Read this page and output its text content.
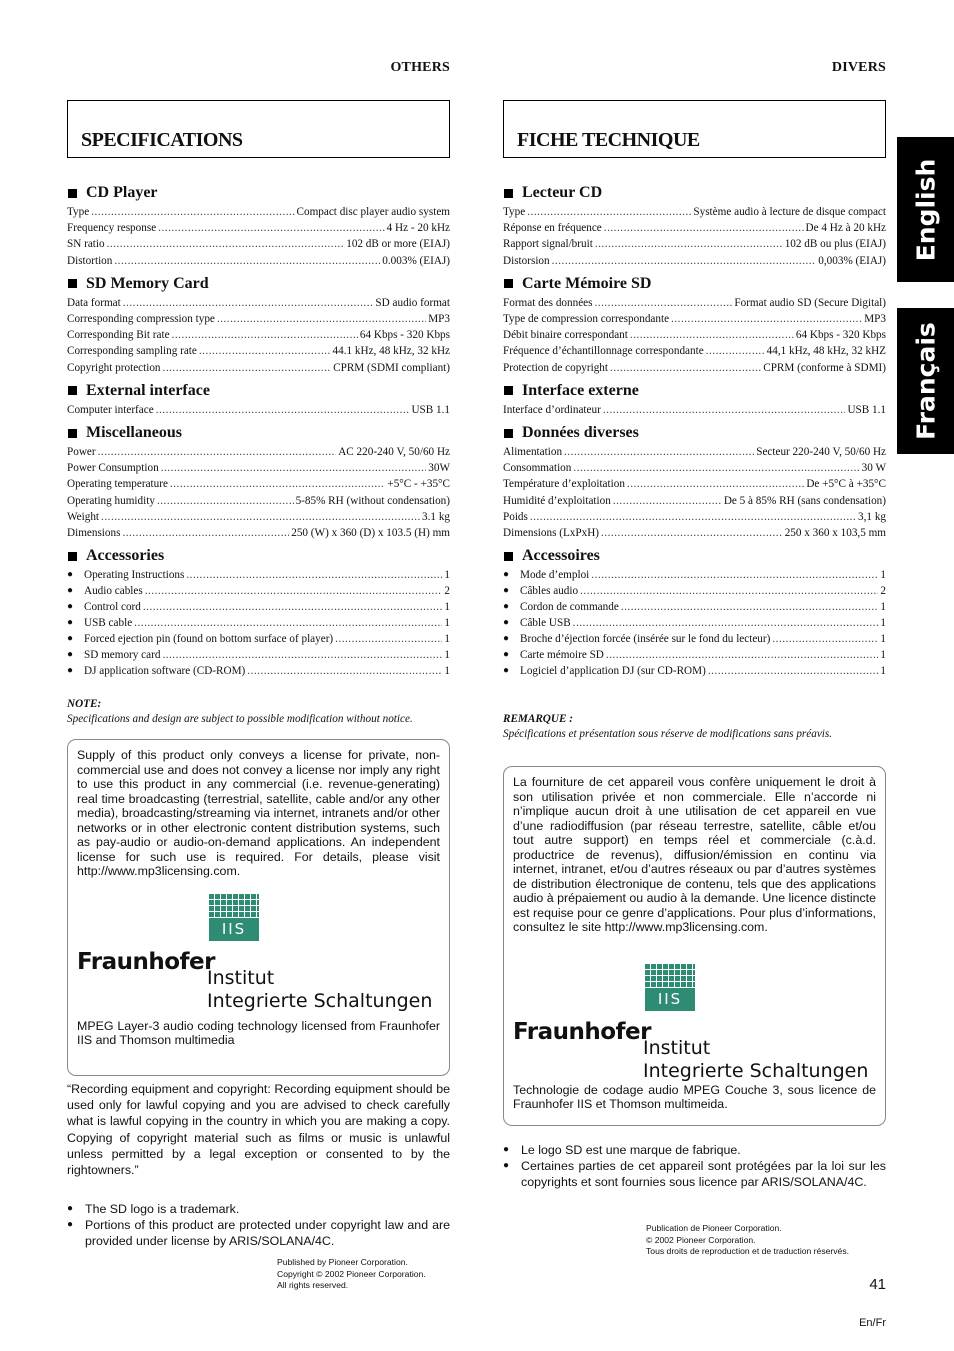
OTHERS
SPECIFICATIONS
CD Player
Type .....	Compact disc player audio system
Frequency response .....	4 Hz - 20 kHz
SN ratio .....	102 dB or more (EIAJ)
Distortion .....	0.003% (EIAJ)
SD Memory Card
Data format .....	SD audio format
Corresponding compression type .....	MP3
Corresponding Bit rate .....	64 Kbps - 320 Kbps
Corresponding sampling rate .....	44.1 kHz, 48 kHz, 32 kHz
Copyright protection .....	CPRM (SDMI compliant)
External interface
Computer interface .....	USB 1.1
Miscellaneous
Power .....	AC 220-240 V, 50/60 Hz
Power Consumption .....	30W
Operating temperature .....	+5°C - +35°C
Operating humidity .....	5-85% RH (without condensation)
Weight .....	3.1 kg
Dimensions .....	250 (W) x 360 (D) x 103.5 (H) mm
Accessories
● Operating Instructions .....	1
● Audio cables .....	2
● Control cord .....	1
● USB cable .....	1
● Forced ejection pin (found on bottom surface of player) .....	1
● SD memory card .....	1
● DJ application software (CD-ROM) .....	1
NOTE:
Specifications and design are subject to possible modification without notice.

Supply of this product only conveys a license for private, non-commercial use and does not convey a license nor imply any right to use this product in any commercial (i.e. revenue-generating) real time broadcasting (terrestrial, satellite, cable and/or any other media), broadcasting/streaming via internet, intranets and/or other networks or in other electronic content distribution systems, such as pay-audio or audio-on-demand applications. An independent license for such use is required. For details, please visit http://www.mp3licensing.com.

IIS
Fraunhofer
Institut
Integrierte Schaltungen

MPEG Layer-3 audio coding technology licensed from Fraunhofer IIS and Thomson multimedia

“Recording equipment and copyright: Recording equipment should be used only for lawful copying and you are advised to check carefully what is lawful copying in the country in which you are making a copy. Copying of copyright material such as films or music is unlawful unless permitted by a legal exception or consented to by the rightowners.”
● The SD logo is a trademark.
● Portions of this product are protected under copyright law and are provided under license by ARIS/SOLANA/4C.
Published by Pioneer Corporation.
Copyright © 2002 Pioneer Corporation.
All rights reserved.
DIVERS
FICHE TECHNIQUE
Lecteur CD
Type .....	Système audio à lecture de disque compact
Réponse en fréquence .....	De 4 Hz à 20 kHz
Rapport signal/bruit .....	102 dB ou plus (EIAJ)
Distorsion .....	0,003% (EIAJ)
Carte Mémoire SD
Format des données .....	Format audio SD (Secure Digital)
Type de compression correspondante .....	MP3
Débit binaire correspondant .....	64 Kbps - 320 Kbps
Fréquence d’échantillonnage correspondante .....	44,1 kHz, 48 kHz, 32 kHZ
Protection de copyright .....	CPRM (conforme à SDMI)
Interface externe
Interface d’ordinateur .....	USB 1.1
Données diverses
Alimentation .....	Secteur 220-240 V, 50/60 Hz
Consommation .....	30 W
Température d’exploitation .....	De +5°C à +35°C
Humidité d’exploitation .....	De 5 à 85% RH (sans condensation)
Poids .....	3,1 kg
Dimensions (LxPxH) .....	250 x 360 x 103,5 mm
Accessoires
● Mode d’emploi .....	1
● Câbles audio .....	2
● Cordon de commande .....	1
● Câble USB .....	1
● Broche d’éjection forcée (insérée sur le fond du lecteur) .....	1
● Carte mémoire SD .....	1
● Logiciel d’application DJ (sur CD-ROM) .....	1
REMARQUE :
Spécifications et présentation sous réserve de modifications sans préavis.

La fourniture de cet appareil vous confère uniquement le droit à son utilisation privée et non commerciale. Elle n’accorde ni n’implique aucun droit à une utilisation de cet appareil en vue d’une radiodiffusion (par réseau terrestre, satellite, câble et/ou tout autre support) en temps réel et commerciale (c.à.d. productrice de revenus), diffusion/émission en continu via internet, intranet, et/ou d’autres réseaux ou par d’autres systèmes de distribution électronique de contenu, tels que des applications audio à prépaiement ou audio à la demande. Une licence distincte est requise pour ce genre d’applications. Pour plus d’informations, consultez le site http://www.mp3licensing.com.

IIS
Fraunhofer
Institut
Integrierte Schaltungen

Technologie de codage audio MPEG Couche 3, sous licence de Fraunhofer IIS et Thomson multimeida.

● Le logo SD est une marque de fabrique.
● Certaines parties de cet appareil sont protégées par la loi sur les copyrights et sont fournies sous licence par ARIS/SOLANA/4C.
Publication de Pioneer Corporation.
© 2002 Pioneer Corporation.
Tous droits de reproduction et de traduction réservés.
English
Français
41
En/Fr
